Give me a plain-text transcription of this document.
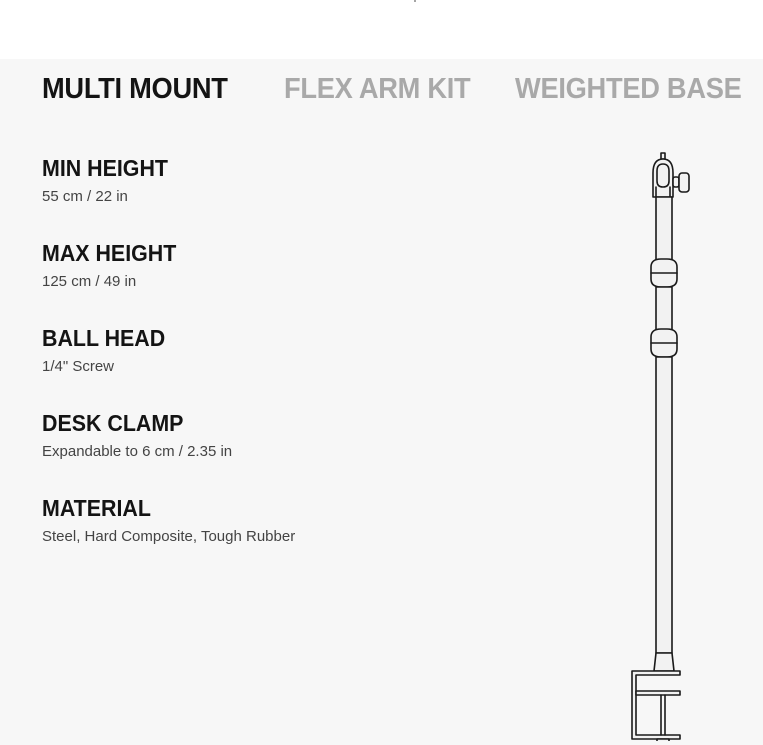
MULTI MOUNT FLEX ARM KIT WEIGHTED BASE
MIN HEIGHT
55 cm / 22 in
MAX HEIGHT
125 cm / 49 in
BALL HEAD
1/4" Screw
DESK CLAMP
Expandable to 6 cm / 2.35 in
MATERIAL
Steel, Hard Composite, Tough Rubber
